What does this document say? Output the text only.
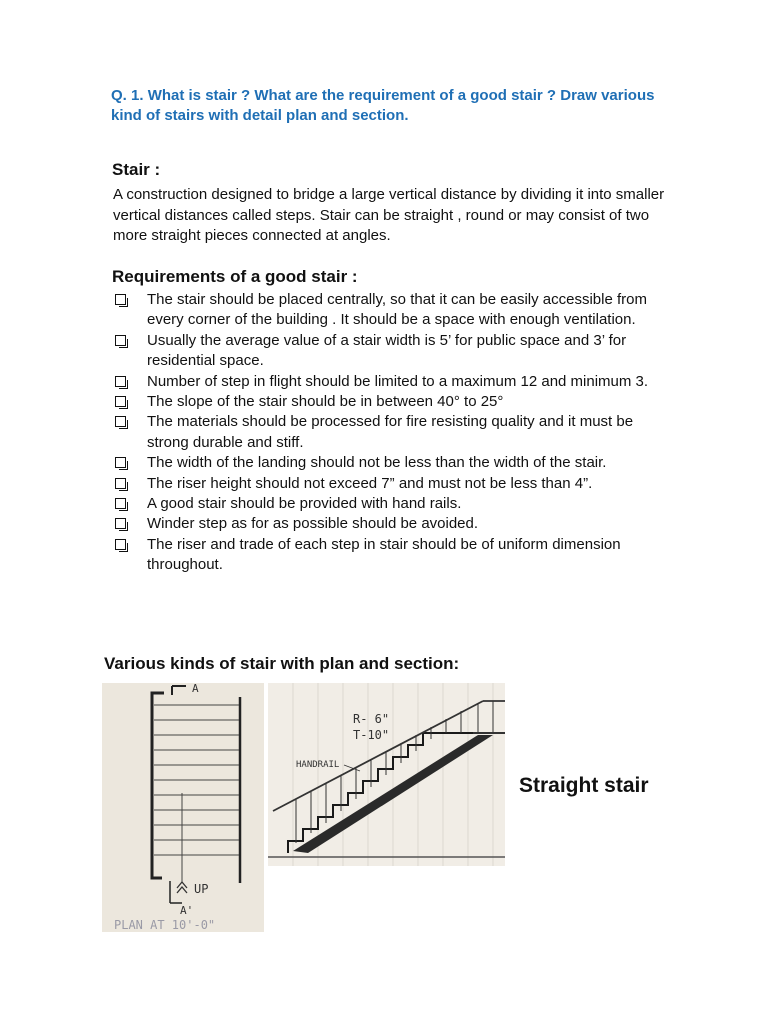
Q. 1. What is stair ? What are the requirement of a good stair ? Draw various kind of stairs with detail plan and section.
Stair :
A construction designed to bridge a large vertical distance by dividing it into smaller vertical distances called steps. Stair can be straight , round or may consist of two more straight pieces connected at angles.
Requirements of a good stair :
The stair should be placed centrally, so that it can be easily accessible from every corner of the building . It should be a space with enough ventilation.
Usually the average value of a stair width is 5’ for public space and 3’ for residential space.
Number of step in flight should be limited to a maximum 12 and minimum 3.
The slope of the stair should be in between 40° to 25°
The materials should be processed for fire resisting quality and it must be strong durable and stiff.
The width of the landing should not be less than the width of the stair.
The riser height should not exceed 7” and must not be less than 4”.
A good stair should be provided with hand rails.
Winder step as for as possible should be avoided.
The riser and trade of each step in stair should be of uniform dimension throughout.
Various kinds of stair with plan and section:
A
UP
A'
PLAN AT 10'-0"
R- 6"
T-10"
HANDRAIL
Straight stair
